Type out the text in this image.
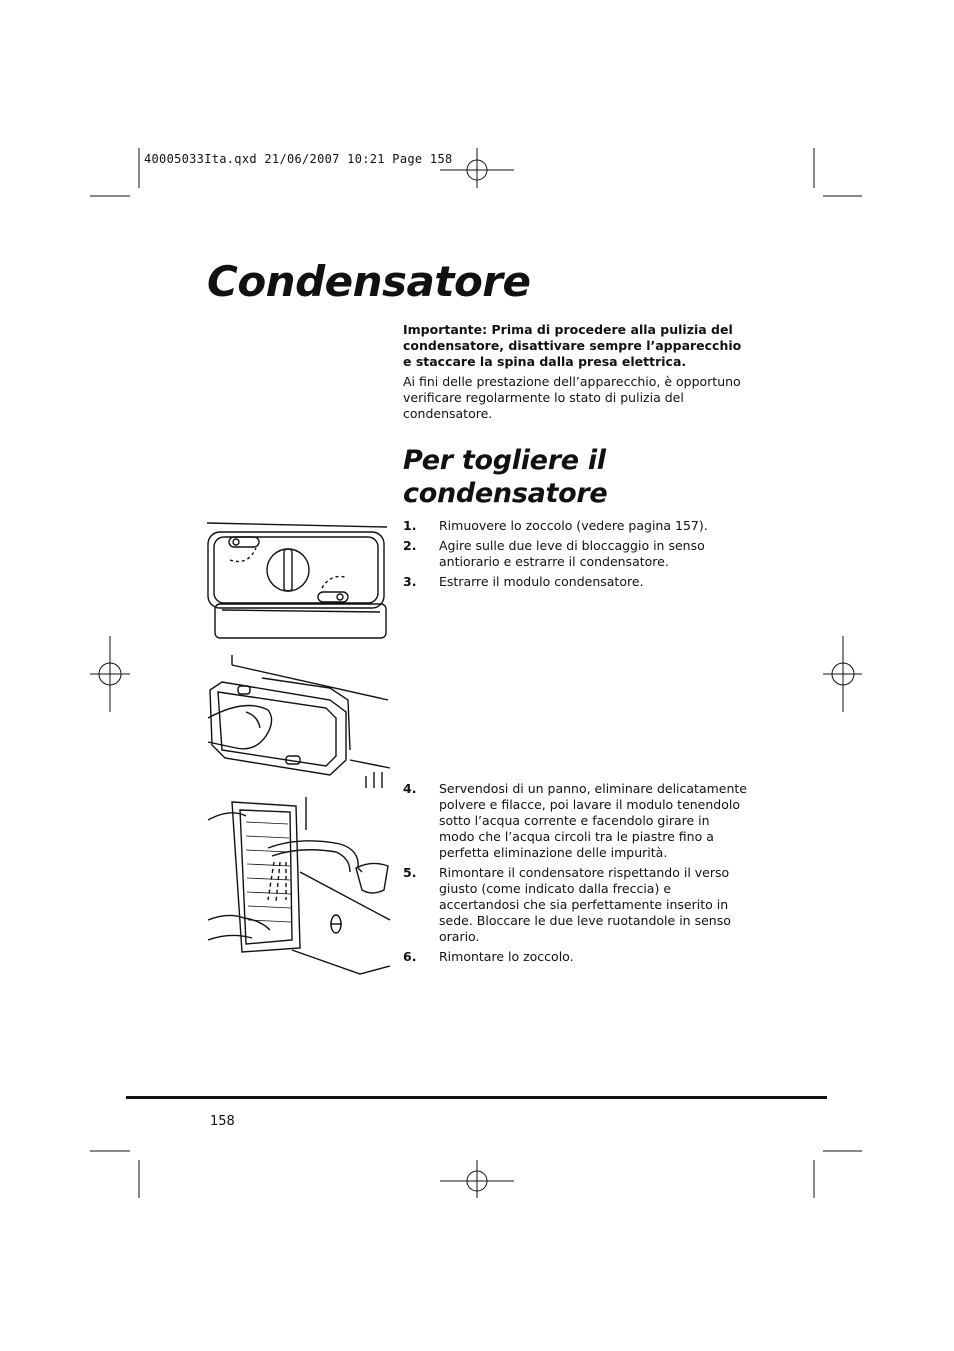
40005033Ita.qxd 21/06/2007 10:21 Page 158
Condensatore

Importante: Prima di procedere alla pulizia del condensatore, disattivare sempre l’apparecchio e staccare la spina dalla presa elettrica.

Ai fini delle prestazione dell’apparecchio, è opportuno verificare regolarmente lo stato di pulizia del condensatore.

Per togliere il condensatore
1. Rimuovere lo zoccolo (vedere pagina 157).
2. Agire sulle due leve di bloccaggio in senso antiorario e estrarre il condensatore.
3. Estrarre il modulo condensatore.
4. Servendosi di un panno, eliminare delicatamente polvere e filacce, poi lavare il modulo tenendolo sotto l’acqua corrente e facendolo girare in modo che l’acqua circoli tra le piastre fino a perfetta eliminazione delle impurità.
5. Rimontare il condensatore rispettando il verso giusto (come indicato dalla freccia) e accertandosi che sia perfettamente inserito in sede. Bloccare le due leve ruotandole in senso orario.
6. Rimontare lo zoccolo.
158
